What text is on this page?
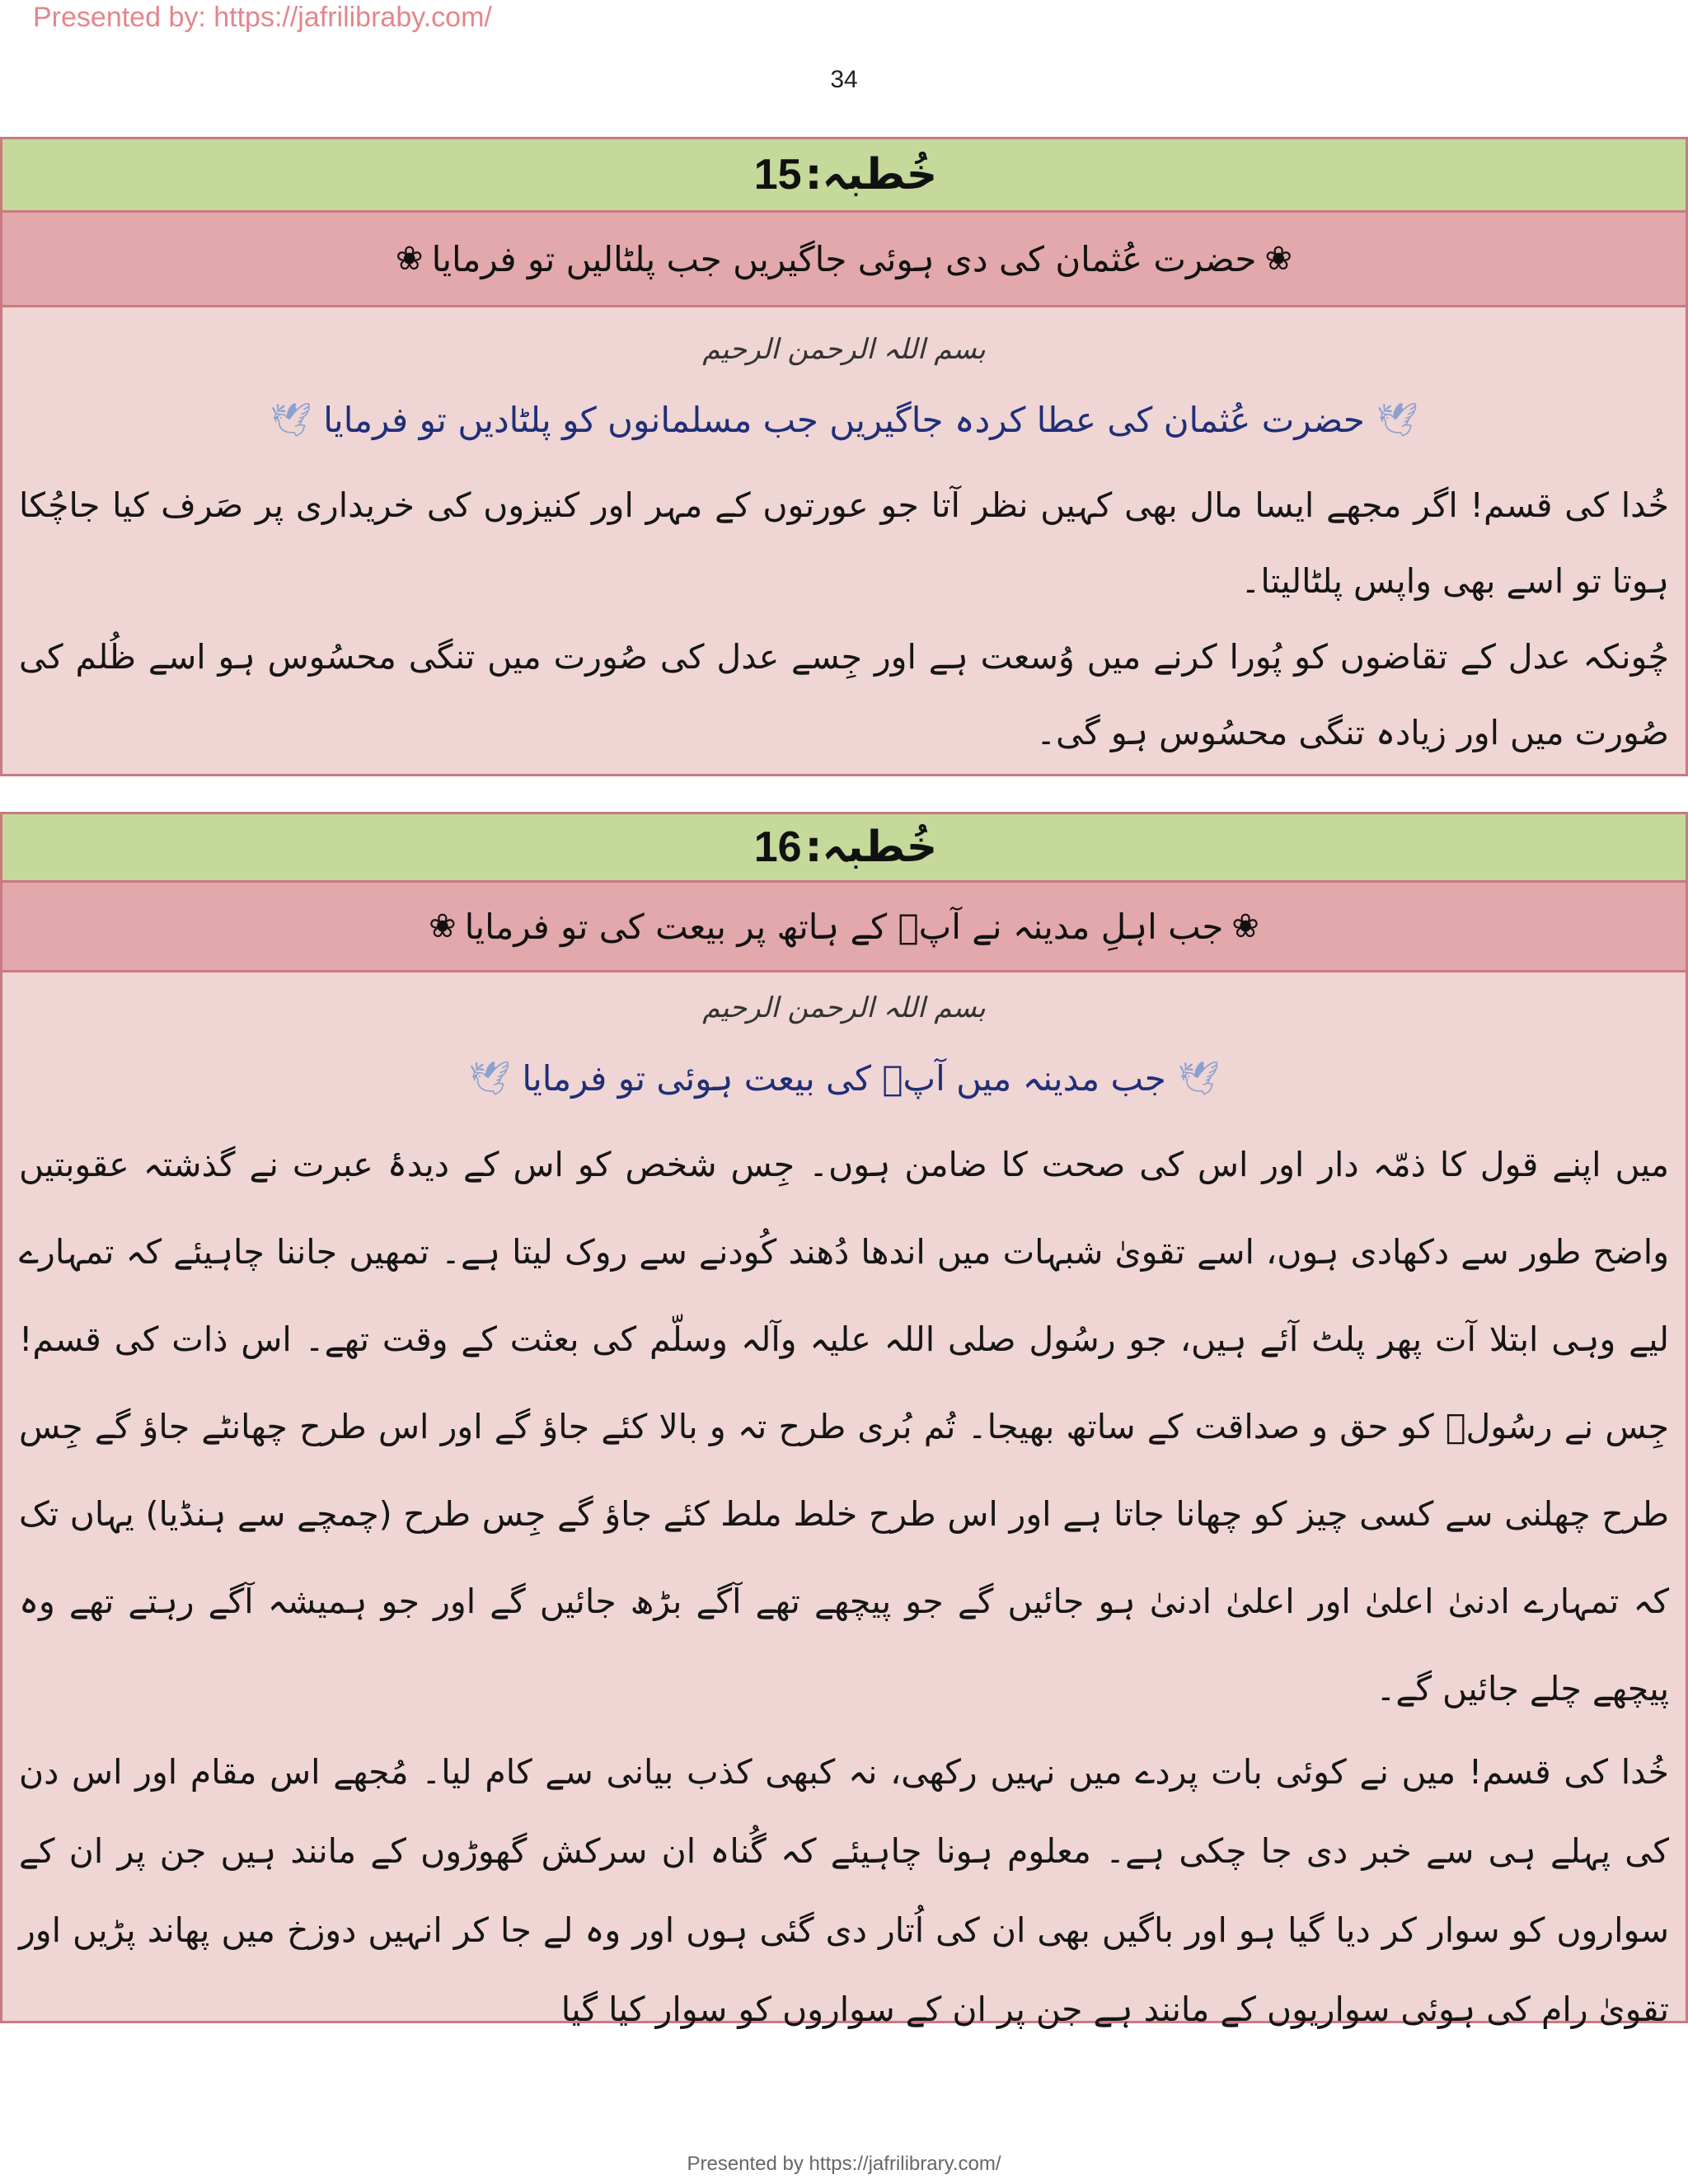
Presented by: https://jafrilibraby.com/
34
خُطبہ
:
15
❀
حضرت عُثمان کی دی ہوئی جاگیریں جب پلٹالیں تو فرمایا
❀
بسم اللہ الرحمن الرحیم
🕊
حضرت عُثمان کی عطا کردہ جاگیریں جب مسلمانوں کو پلٹادیں تو فرمایا
🕊
خُدا کی قسم! اگر مجھے ایسا مال بھی کہیں نظر آتا جو عورتوں کے مہر اور کنیزوں کی خریداری پر صَرف کیا جاچُکا ہوتا تو اسے بھی واپس پلٹالیتا۔
چُونکہ عدل کے تقاضوں کو پُورا کرنے میں وُسعت ہے اور جِسے عدل کی صُورت میں تنگی محسُوس ہو اسے ظُلم کی صُورت میں اور زیادہ تنگی محسُوس ہو گی۔
خُطبہ
:
16
❀
جب اہلِ مدینہ نے آپؑ کے ہاتھ پر بیعت کی تو فرمایا
❀
بسم اللہ الرحمن الرحیم
🕊
جب مدینہ میں آپؑ کی بیعت ہوئی تو فرمایا
🕊
میں اپنے قول کا ذمّہ دار اور اس کی صحت کا ضامن ہوں۔ جِس شخص کو اس کے دیدۂ عبرت نے گذشتہ عقوبتیں واضح طور سے دکھادی ہوں، اسے تقویٰ شبہات میں اندھا دُھند کُودنے سے روک لیتا ہے۔ تمھیں جاننا چاہیئے کہ تمہارے لیے وہی ابتلا آت پھر پلٹ آئے ہیں، جو رسُول صلی اللہ علیہ وآلہ وسلّم کی بعثت کے وقت تھے۔ اس ذات کی قسم! جِس نے رسُولؐ کو حق و صداقت کے ساتھ بھیجا۔ تُم بُری طرح تہ و بالا کئے جاؤ گے اور اس طرح چھانٹے جاؤ گے جِس طرح چھلنی سے کسی چیز کو چھانا جاتا ہے اور اس طرح خلط ملط کئے جاؤ گے جِس طرح (چمچے سے ہنڈیا) یہاں تک کہ تمہارے ادنیٰ اعلیٰ اور اعلیٰ ادنیٰ ہو جائیں گے جو پیچھے تھے آگے بڑھ جائیں گے اور جو ہمیشہ آگے رہتے تھے وہ پیچھے چلے جائیں گے۔
خُدا کی قسم! میں نے کوئی بات پردے میں نہیں رکھی، نہ کبھی کذب بیانی سے کام لیا۔ مُجھے اس مقام اور اس دن کی پہلے ہی سے خبر دی جا چکی ہے۔ معلوم ہونا چاہیئے کہ گُناہ ان سرکش گھوڑوں کے مانند ہیں جن پر ان کے سواروں کو سوار کر دیا گیا ہو اور باگیں بھی ان کی اُتار دی گئی ہوں اور وہ لے جا کر انہیں دوزخ میں پھاند پڑیں اور تقویٰ رام کی ہوئی سواریوں کے مانند ہے جن پر ان کے سواروں کو سوار کیا گیا
Presented by https://jafrilibrary.com/
